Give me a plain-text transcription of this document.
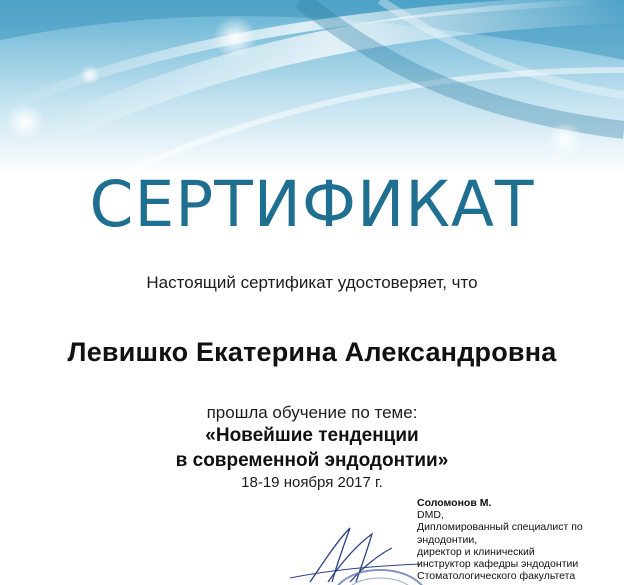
СЕРТИФИКАТ
Настоящий сертификат удостоверяет, что
Левишко Екатерина Александровна
прошла обучение по теме:
«Новейшие тенденции
в современной эндодонтии»
18-19 ноября 2017 г.
Соломонов М.
DMD,
Дипломированный специалист по
эндодонтии,
директор и клинический
инструктор кафедры эндодонтии
Стоматологического факультета
